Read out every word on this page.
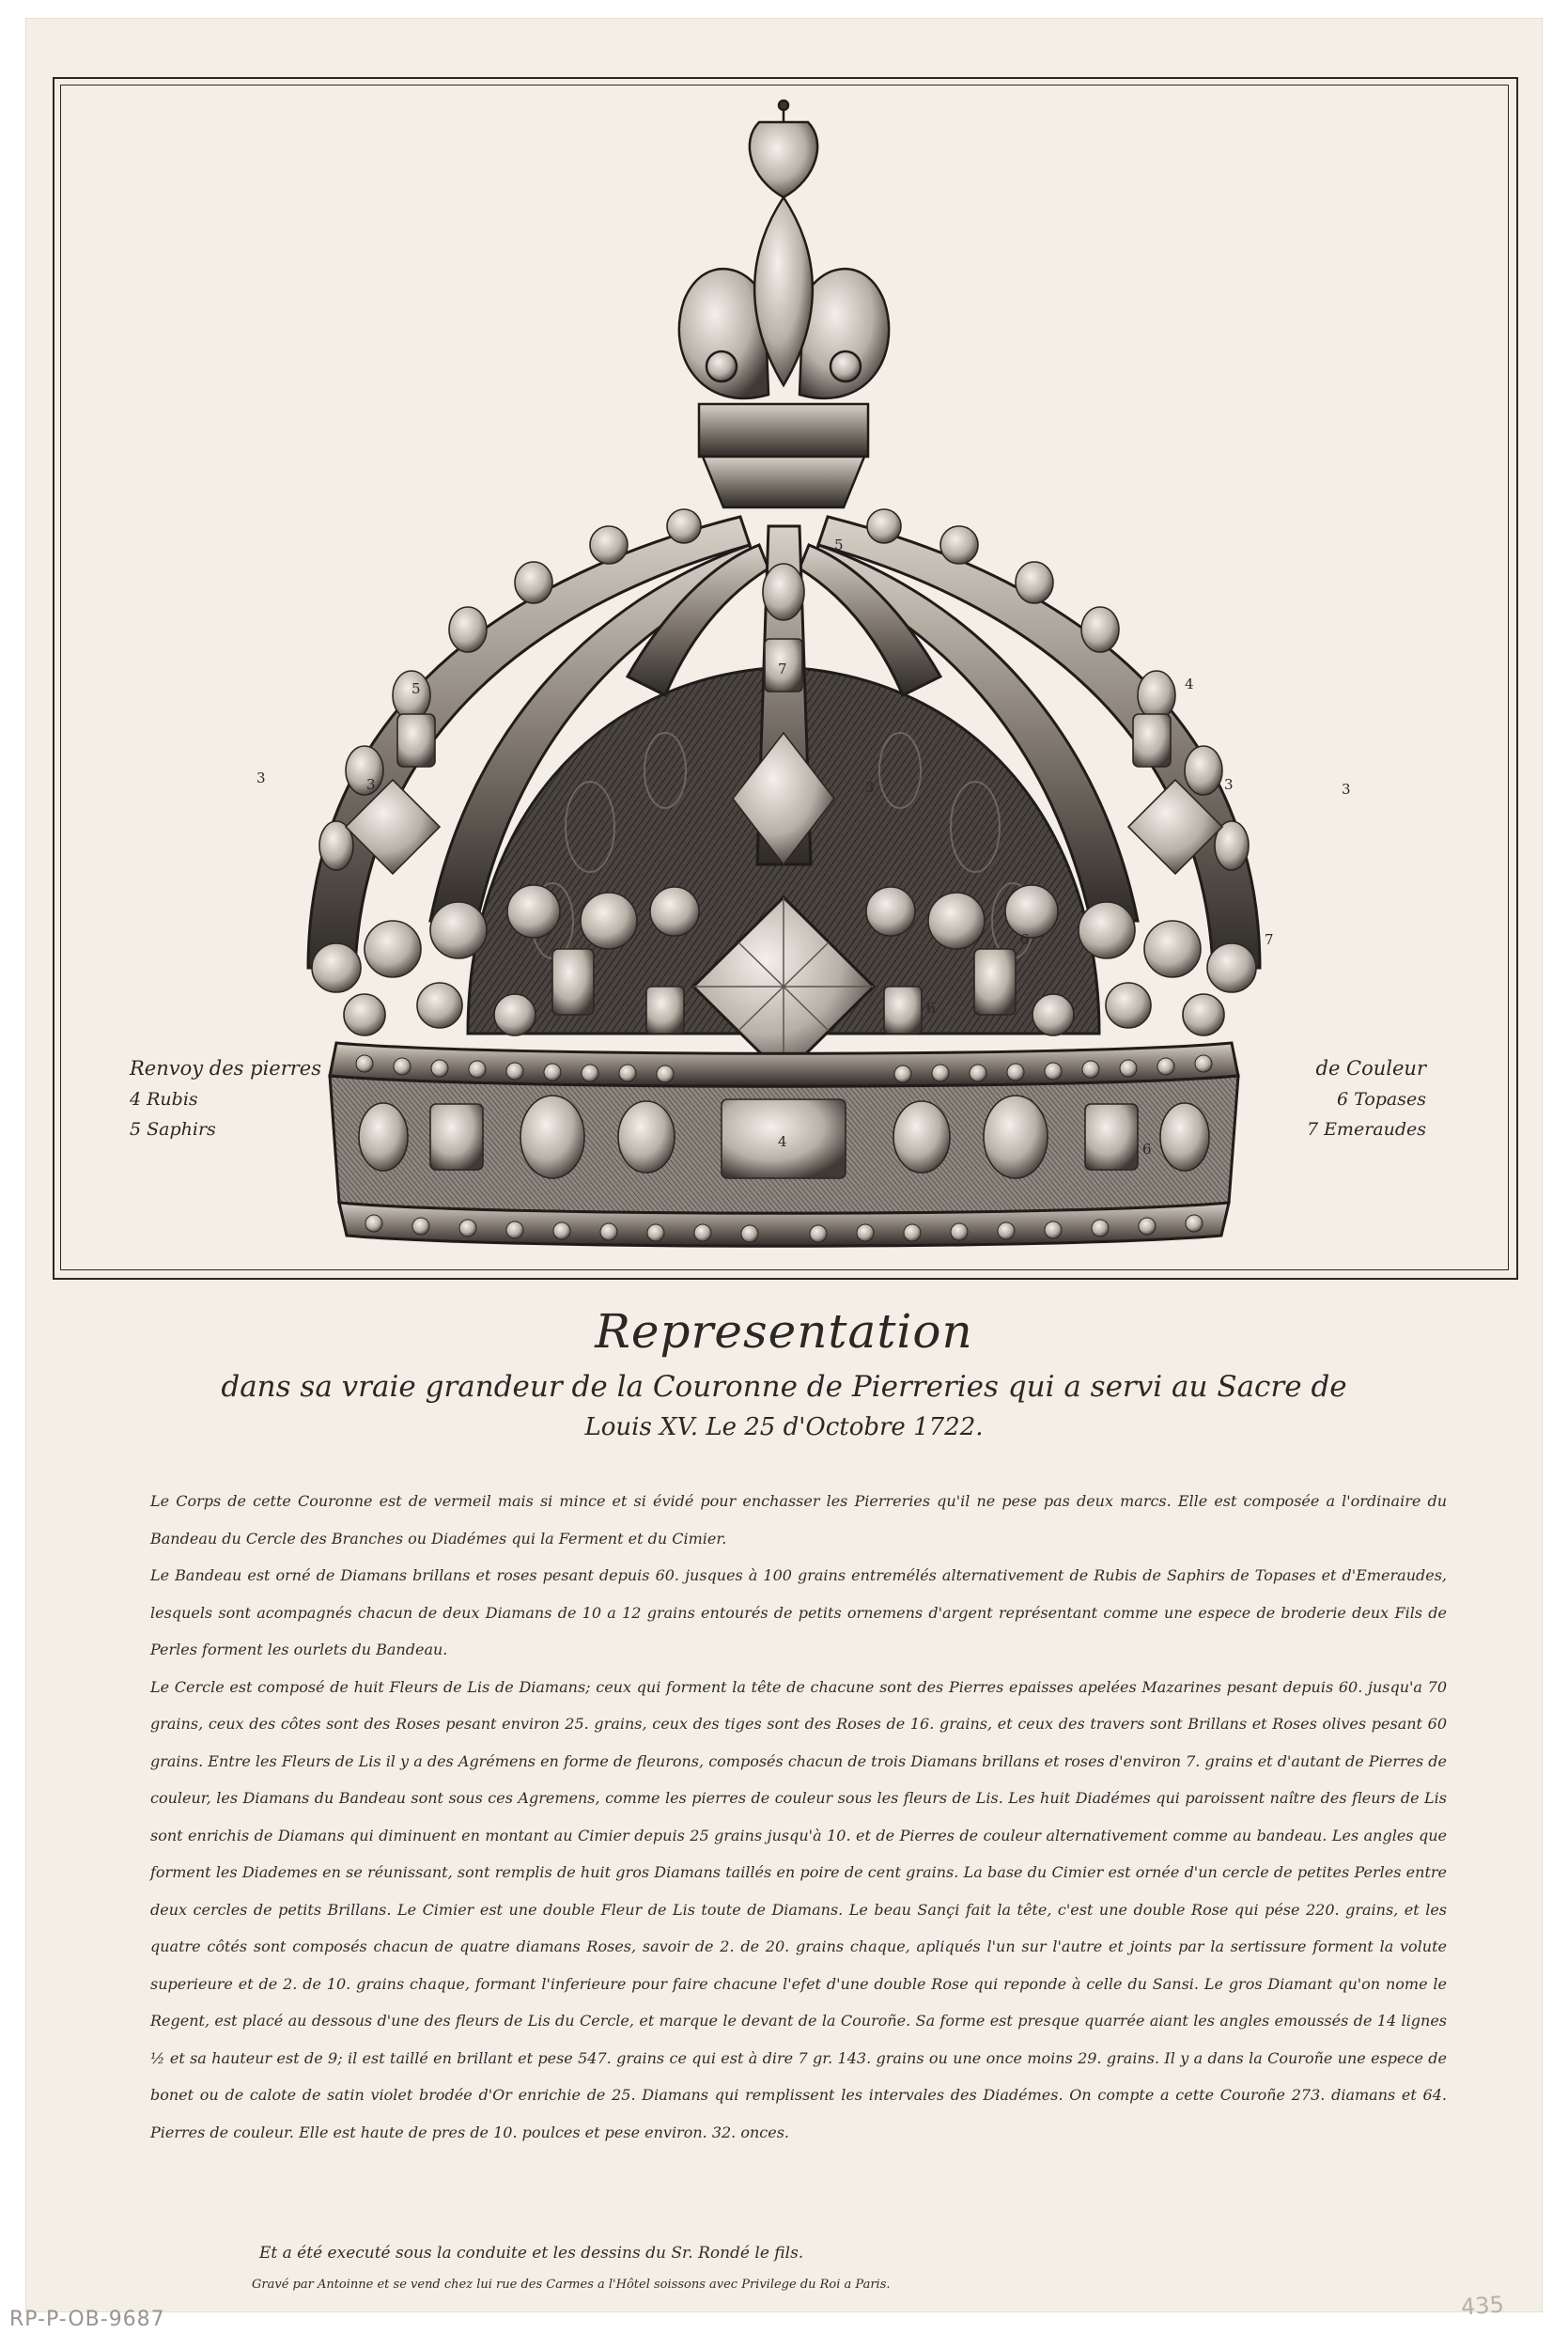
3	3	3	3	3
5
7
5
4
7
6
6
4	6
Renvoy des pierres
4 Rubis
5 Saphirs
de Couleur
6 Topases
7 Emeraudes
Representation
dans sa vraie grandeur de la Couronne de Pierreries qui a servi au Sacre de
Louis XV. Le 25 d'Octobre 1722.

Le Corps de cette Couronne est de vermeil mais si mince et si évidé pour enchasser les Pierreries qu'il ne pese pas deux marcs. Elle est composée a l'ordinaire du Bandeau du Cercle des Branches ou Diadémes qui la Ferment et du Cimier.

Le Bandeau est orné de Diamans brillans et roses pesant depuis 60. jusques à 100 grains entremélés alternativement de Rubis de Saphirs de Topases et d'Emeraudes, lesquels sont acompagnés chacun de deux Diamans de 10 a 12 grains entourés de petits ornemens d'argent représentant comme une espece de broderie deux Fils de Perles forment les ourlets du Bandeau.

Le Cercle est composé de huit Fleurs de Lis de Diamans; ceux qui forment la tête de chacune sont des Pierres epaisses apelées Mazarines pesant depuis 60. jusqu'a 70 grains, ceux des côtes sont des Roses pesant environ 25. grains, ceux des tiges sont des Roses de 16. grains, et ceux des travers sont Brillans et Roses olives pesant 60 grains. Entre les Fleurs de Lis il y a des Agrémens en forme de fleurons, composés chacun de trois Diamans brillans et roses d'environ 7. grains et d'autant de Pierres de couleur, les Diamans du Bandeau sont sous ces Agremens, comme les pierres de couleur sous les fleurs de Lis. Les huit Diadémes qui paroissent naître des fleurs de Lis sont enrichis de Diamans qui diminuent en montant au Cimier depuis 25 grains jusqu'à 10. et de Pierres de couleur alternativement comme au bandeau. Les angles que forment les Diademes en se réunissant, sont remplis de huit gros Diamans taillés en poire de cent grains. La base du Cimier est ornée d'un cercle de petites Perles entre deux cercles de petits Brillans. Le Cimier est une double Fleur de Lis toute de Diamans. Le beau Sançi fait la tête, c'est une double Rose qui pése 220. grains, et les quatre côtés sont composés chacun de quatre diamans Roses, savoir de 2. de 20. grains chaque, apliqués l'un sur l'autre et joints par la sertissure forment la volute superieure et de 2. de 10. grains chaque, formant l'inferieure pour faire chacune l'efet d'une double Rose qui reponde à celle du Sansi. Le gros Diamant qu'on nome le Regent, est placé au dessous d'une des fleurs de Lis du Cercle, et marque le devant de la Couroñe. Sa forme est presque quarrée aiant les angles emoussés de 14 lignes ½ et sa hauteur est de 9; il est taillé en brillant et pese 547. grains ce qui est à dire 7 gr. 143. grains ou une once moins 29. grains. Il y a dans la Couroñe une espece de bonet ou de calote de satin violet brodée d'Or enrichie de 25. Diamans qui remplissent les intervales des Diadémes. On compte a cette Couroñe 273. diamans et 64. Pierres de couleur. Elle est haute de pres de 10. poulces et pese environ. 32. onces.

Et a été executé sous la conduite et les dessins du Sr. Rondé le fils.
Gravé par Antoinne et se vend chez lui rue des Carmes a l'Hôtel soissons avec Privilege du Roi a Paris.
435
RP-P-OB-9687
